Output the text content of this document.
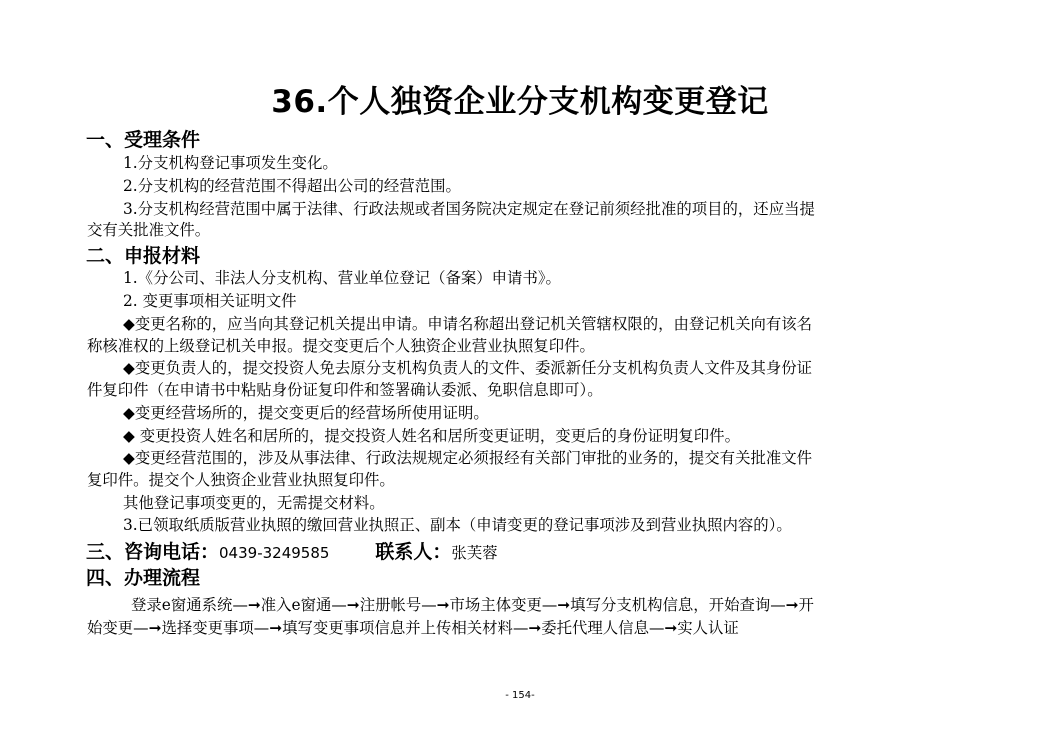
36.个人独资企业分支机构变更登记
一、受理条件
1.分支机构登记事项发生变化。
2.分支机构的经营范围不得超出公司的经营范围。
3.分支机构经营范围中属于法律、行政法规或者国务院决定规定在登记前须经批准的项目的，还应当提
交有关批准文件。
二、申报材料
1.《分公司、非法人分支机构、营业单位登记（备案）申请书》。
2. 变更事项相关证明文件
◆变更名称的，应当向其登记机关提出申请。申请名称超出登记机关管辖权限的，由登记机关向有该名
称核准权的上级登记机关申报。提交变更后个人独资企业营业执照复印件。
◆变更负责人的，提交投资人免去原分支机构负责人的文件、委派新任分支机构负责人文件及其身份证
件复印件（在申请书中粘贴身份证复印件和签署确认委派、免职信息即可）。
◆变更经营场所的，提交变更后的经营场所使用证明。
◆ 变更投资人姓名和居所的，提交投资人姓名和居所变更证明，变更后的身份证明复印件。
◆变更经营范围的，涉及从事法律、行政法规规定必须报经有关部门审批的业务的，提交有关批准文件
复印件。提交个人独资企业营业执照复印件。
其他登记事项变更的，无需提交材料。
3.已领取纸质版营业执照的缴回营业执照正、副本（申请变更的登记事项涉及到营业执照内容的）。
三、咨询电话：0439-3249585 联系人：张芙蓉
四、办理流程
登录e窗通系统—➞准入e窗通—➞注册帐号—➞市场主体变更—➞填写分支机构信息，开始查询—➞开
始变更—➞选择变更事项—➞填写变更事项信息并上传相关材料—➞委托代理人信息—➞实人认证
- 154-
